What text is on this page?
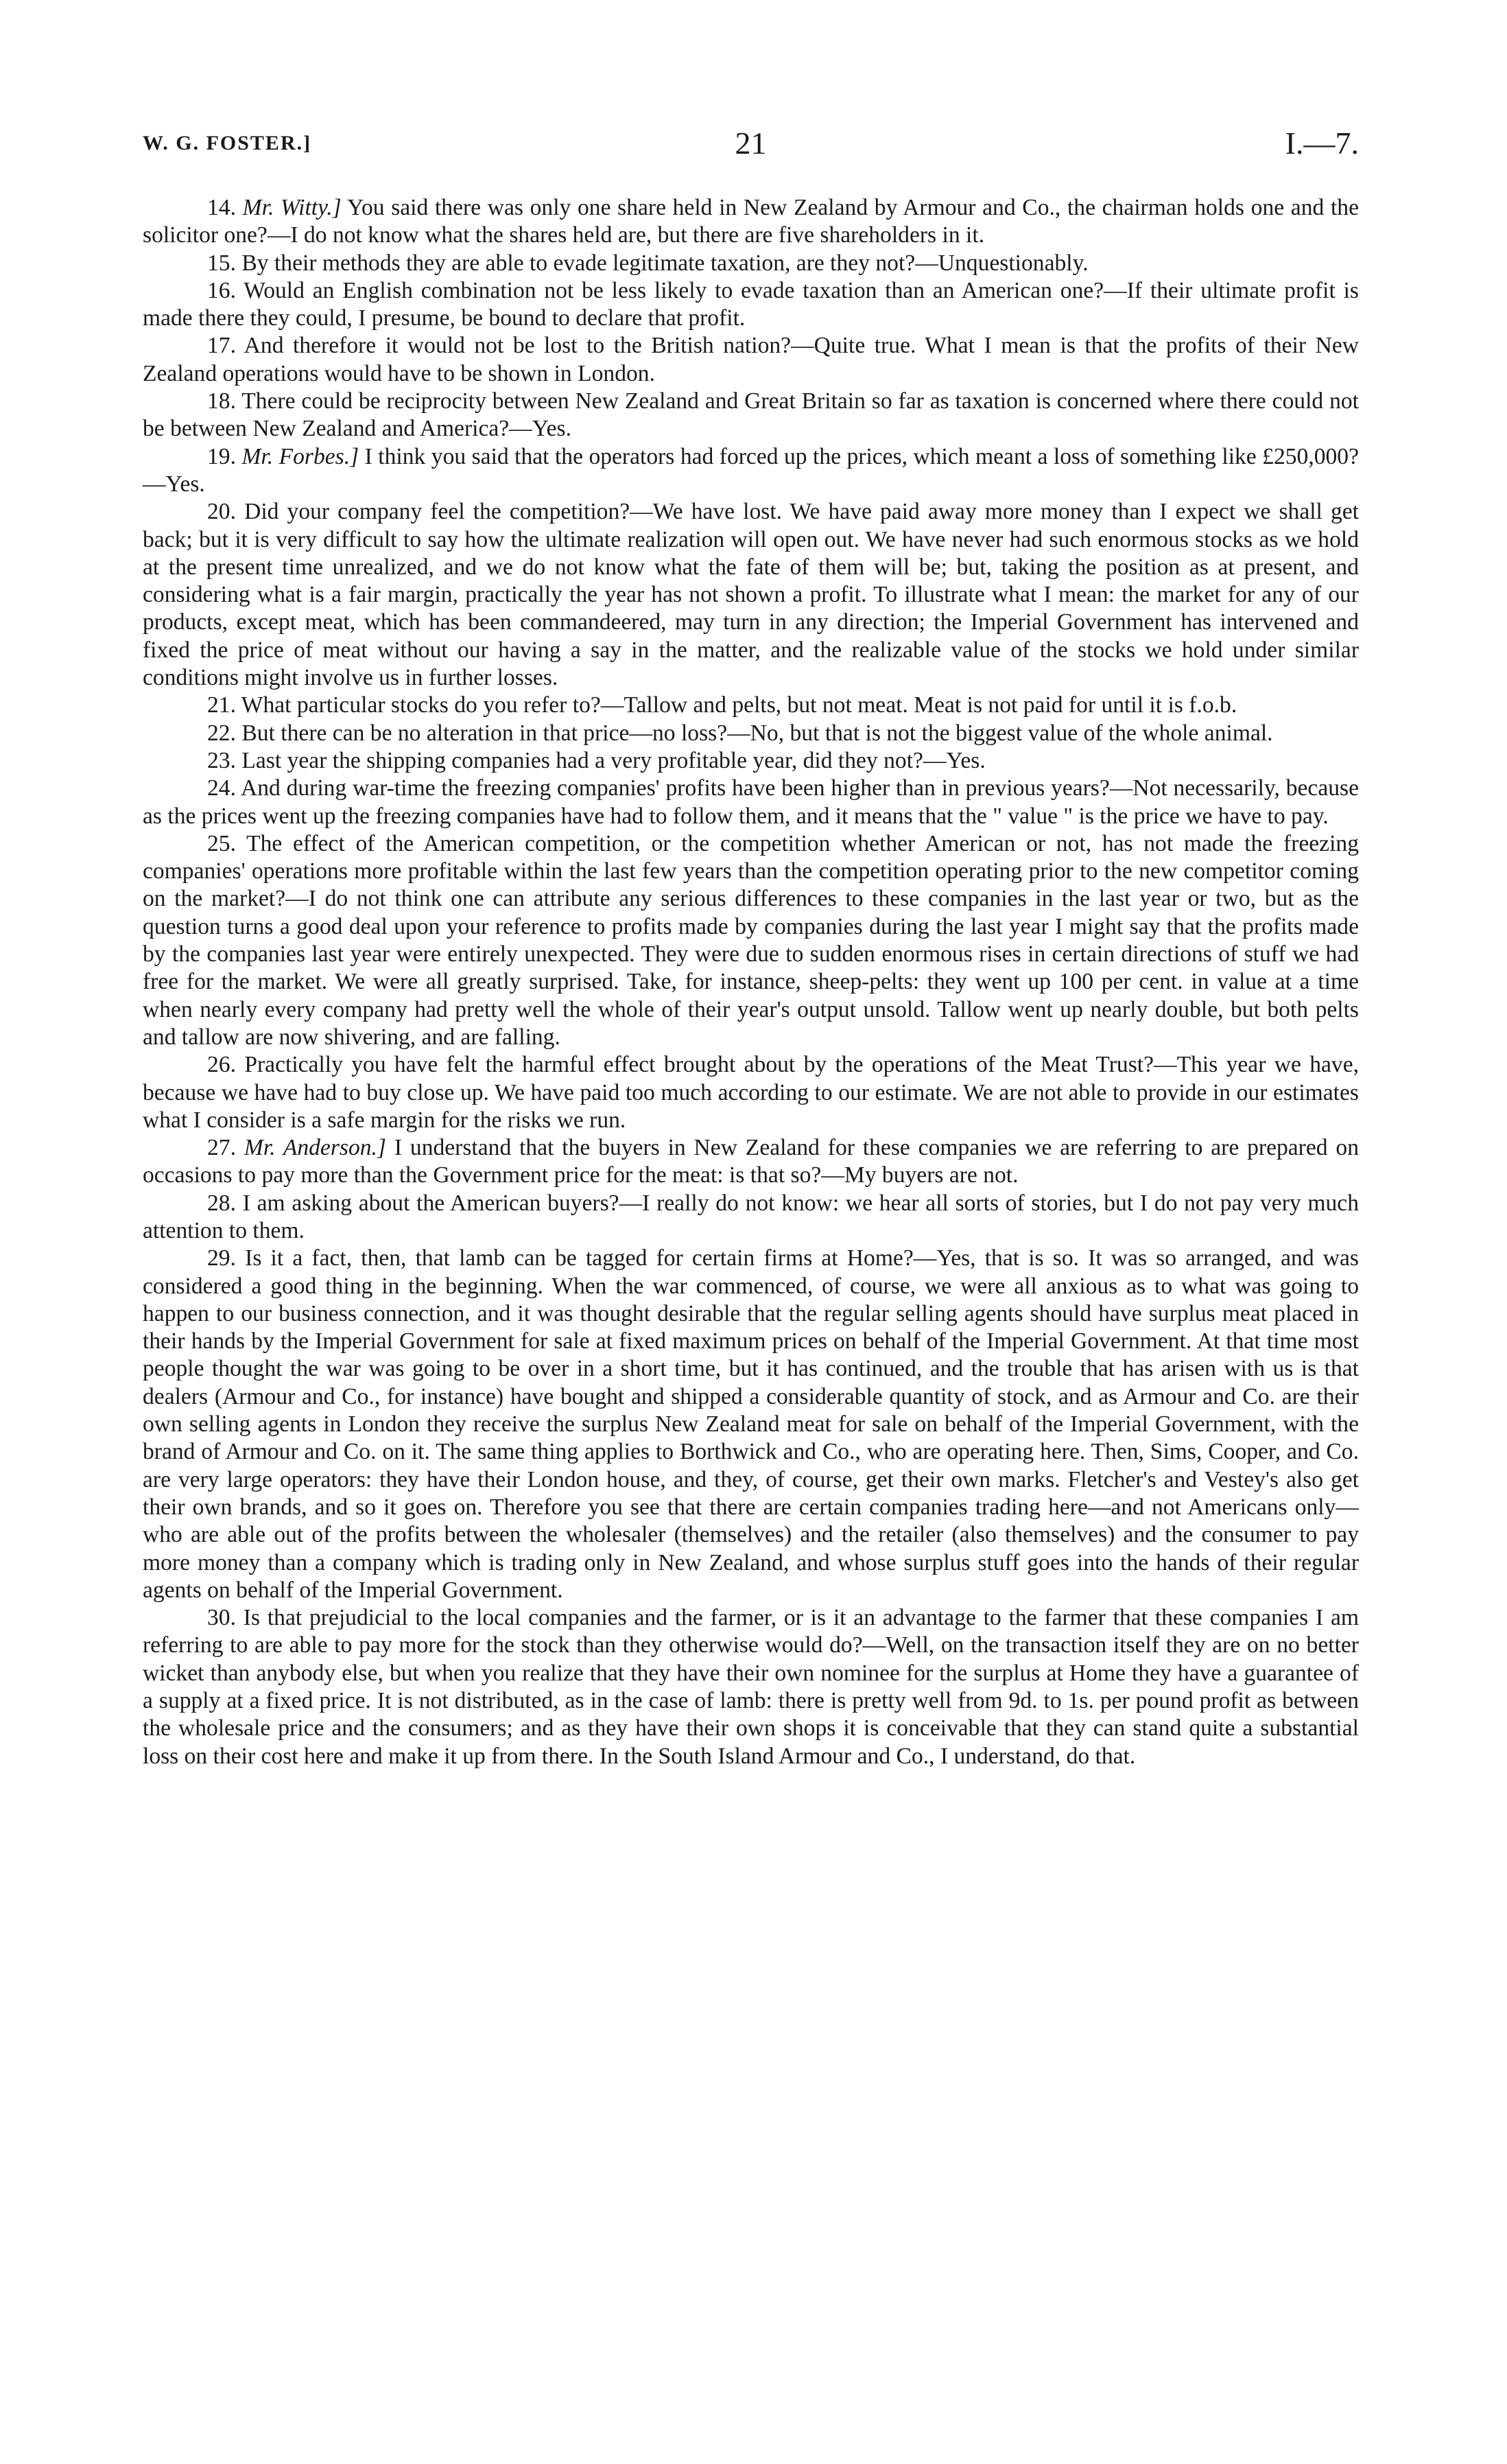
W. G. FOSTER.]	21	I.—7.

14. Mr. Witty.] You said there was only one share held in New Zealand by Armour and Co., the chairman holds one and the solicitor one?—I do not know what the shares held are, but there are five shareholders in it.

15. By their methods they are able to evade legitimate taxation, are they not?—Unquestionably.

16. Would an English combination not be less likely to evade taxation than an American one?—If their ultimate profit is made there they could, I presume, be bound to declare that profit.

17. And therefore it would not be lost to the British nation?—Quite true. What I mean is that the profits of their New Zealand operations would have to be shown in London.

18. There could be reciprocity between New Zealand and Great Britain so far as taxation is concerned where there could not be between New Zealand and America?—Yes.

19. Mr. Forbes.] I think you said that the operators had forced up the prices, which meant a loss of something like £250,000?—Yes.

20. Did your company feel the competition?—We have lost. We have paid away more money than I expect we shall get back; but it is very difficult to say how the ultimate realization will open out. We have never had such enormous stocks as we hold at the present time unrealized, and we do not know what the fate of them will be; but, taking the position as at present, and considering what is a fair margin, practically the year has not shown a profit. To illustrate what I mean: the market for any of our products, except meat, which has been commandeered, may turn in any direction; the Imperial Government has intervened and fixed the price of meat without our having a say in the matter, and the realizable value of the stocks we hold under similar conditions might involve us in further losses.

21. What particular stocks do you refer to?—Tallow and pelts, but not meat. Meat is not paid for until it is f.o.b.

22. But there can be no alteration in that price—no loss?—No, but that is not the biggest value of the whole animal.

23. Last year the shipping companies had a very profitable year, did they not?—Yes.

24. And during war-time the freezing companies' profits have been higher than in previous years?—Not necessarily, because as the prices went up the freezing companies have had to follow them, and it means that the " value " is the price we have to pay.

25. The effect of the American competition, or the competition whether American or not, has not made the freezing companies' operations more profitable within the last few years than the competition operating prior to the new competitor coming on the market?—I do not think one can attribute any serious differences to these companies in the last year or two, but as the question turns a good deal upon your reference to profits made by companies during the last year I might say that the profits made by the companies last year were entirely unexpected. They were due to sudden enormous rises in certain directions of stuff we had free for the market. We were all greatly surprised. Take, for instance, sheep-pelts: they went up 100 per cent. in value at a time when nearly every company had pretty well the whole of their year's output unsold. Tallow went up nearly double, but both pelts and tallow are now shivering, and are falling.

26. Practically you have felt the harmful effect brought about by the operations of the Meat Trust?—This year we have, because we have had to buy close up. We have paid too much according to our estimate. We are not able to provide in our estimates what I consider is a safe margin for the risks we run.

27. Mr. Anderson.] I understand that the buyers in New Zealand for these companies we are referring to are prepared on occasions to pay more than the Government price for the meat: is that so?—My buyers are not.

28. I am asking about the American buyers?—I really do not know: we hear all sorts of stories, but I do not pay very much attention to them.

29. Is it a fact, then, that lamb can be tagged for certain firms at Home?—Yes, that is so. It was so arranged, and was considered a good thing in the beginning. When the war commenced, of course, we were all anxious as to what was going to happen to our business connection, and it was thought desirable that the regular selling agents should have surplus meat placed in their hands by the Imperial Government for sale at fixed maximum prices on behalf of the Imperial Government. At that time most people thought the war was going to be over in a short time, but it has continued, and the trouble that has arisen with us is that dealers (Armour and Co., for instance) have bought and shipped a considerable quantity of stock, and as Armour and Co. are their own selling agents in London they receive the surplus New Zealand meat for sale on behalf of the Imperial Government, with the brand of Armour and Co. on it. The same thing applies to Borthwick and Co., who are operating here. Then, Sims, Cooper, and Co. are very large operators: they have their London house, and they, of course, get their own marks. Fletcher's and Vestey's also get their own brands, and so it goes on. Therefore you see that there are certain companies trading here—and not Americans only—who are able out of the profits between the wholesaler (themselves) and the retailer (also themselves) and the consumer to pay more money than a company which is trading only in New Zealand, and whose surplus stuff goes into the hands of their regular agents on behalf of the Imperial Government.

30. Is that prejudicial to the local companies and the farmer, or is it an advantage to the farmer that these companies I am referring to are able to pay more for the stock than they otherwise would do?—Well, on the transaction itself they are on no better wicket than anybody else, but when you realize that they have their own nominee for the surplus at Home they have a guarantee of a supply at a fixed price. It is not distributed, as in the case of lamb: there is pretty well from 9d. to 1s. per pound profit as between the wholesale price and the consumers; and as they have their own shops it is conceivable that they can stand quite a substantial loss on their cost here and make it up from there. In the South Island Armour and Co., I understand, do that.
